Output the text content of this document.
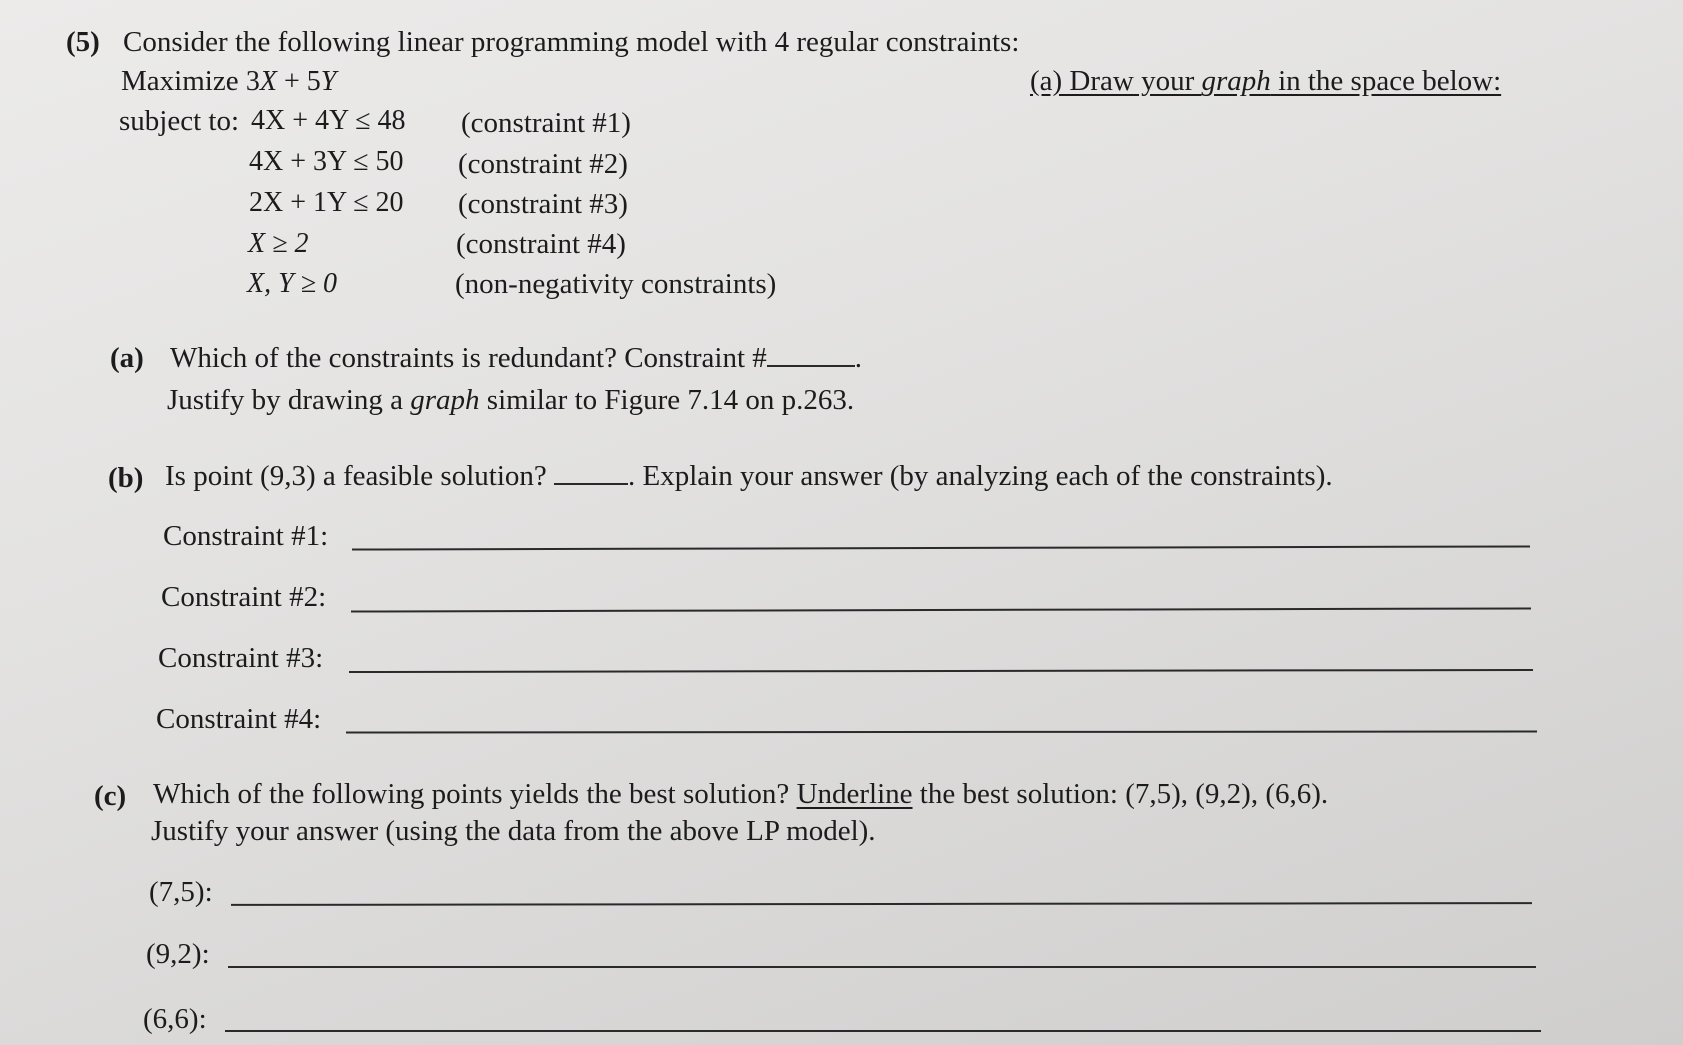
(5) Consider the following linear programming model with 4 regular constraints:
Maximize 3X + 5Y	(a) Draw your graph in the space below:
subject to: 4X + 4Y ≤ 48 (constraint #1)
4X + 3Y ≤ 50 (constraint #2)
2X + 1Y ≤ 20 (constraint #3)
X ≥ 2	(constraint #4)
X, Y ≥ 0	(non-negativity constraints)
(a) Which of the constraints is redundant? Constraint #	.
Justify by drawing a graph similar to Figure 7.14 on p.263.
(b) Is point (9,3) a feasible solution?	. Explain your answer (by analyzing each of the constraints).
Constraint #1:
Constraint #2:
Constraint #3:
Constraint #4:
(c) Which of the following points yields the best solution? Underline the best solution: (7,5), (9,2), (6,6).
Justify your answer (using the data from the above LP model).
(7,5):
(9,2):
(6,6):
